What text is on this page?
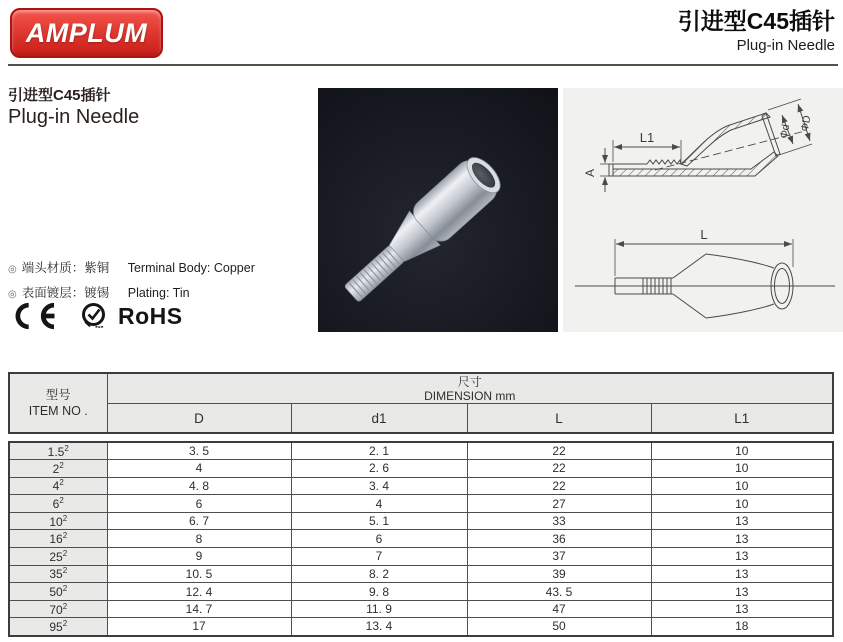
AMPLUM	引进型C45插针
Plug-in Needle
引进型C45插针
Plug-in Needle
◎ 端头材质：紫铜	Terminal Body: Copper
◎ 表面镀层：镀锡	Plating: Tin
RoHS
L1
A
Φd ΦD

L
型号
ITEM NO .

尺寸
DIMENSION mm

	D	d1	L	L1
$1.5^2$	3. 5	2. 1	22	10
$2^2$	4	2. 6	22	10
$4^2$	4. 8	3. 4	22	10
$6^2$	6	4	27	10
$10^2$	6. 7	5. 1	33	13
$16^2$	8	6	36	13
$25^2$	9	7	37	13
$35^2$	10. 5	8. 2	39	13
$50^2$	12. 4	9. 8	43. 5	13
$70^2$	14. 7	11. 9	47	13
$95^2$	17	13. 4	50	18
